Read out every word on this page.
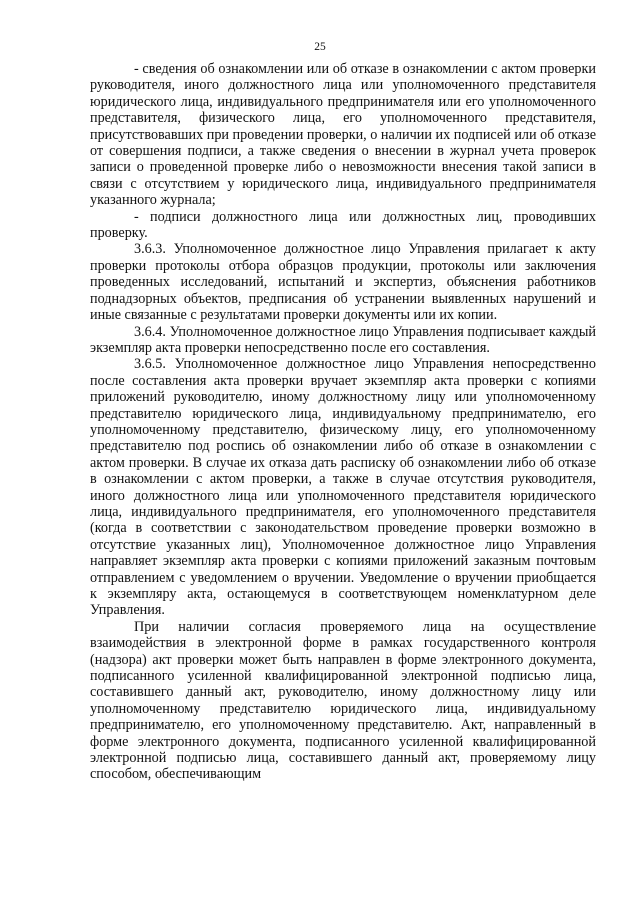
25

- сведения об ознакомлении или об отказе в ознакомлении с актом проверки руководителя, иного должностного лица или уполномоченного представителя юридического лица, индивидуального предпринимателя или его уполномоченного представителя, физического лица, его уполномоченного представителя, присутствовавших при проведении проверки, о наличии их подписей или об отказе от совершения подписи, а также сведения о внесении в журнал учета проверок записи о проведенной проверке либо о невозможности внесения такой записи в связи с отсутствием у юридического лица, индивидуального предпринимателя указанного журнала;

- подписи должностного лица или должностных лиц, проводивших проверку.

3.6.3. Уполномоченное должностное лицо Управления прилагает к акту проверки протоколы отбора образцов продукции, протоколы или заключения проведенных исследований, испытаний и экспертиз, объяснения работников поднадзорных объектов, предписания об устранении выявленных нарушений и иные связанные с результатами проверки документы или их копии.

3.6.4. Уполномоченное должностное лицо Управления подписывает каждый экземпляр акта проверки непосредственно после его составления.

3.6.5. Уполномоченное должностное лицо Управления непосредственно после составления акта проверки вручает экземпляр акта проверки с копиями приложений руководителю, иному должностному лицу или уполномоченному представителю юридического лица, индивидуальному предпринимателю, его уполномоченному представителю, физическому лицу, его уполномоченному представителю под роспись об ознакомлении либо об отказе в ознакомлении с актом проверки. В случае их отказа дать расписку об ознакомлении либо об отказе в ознакомлении с актом проверки, а также в случае отсутствия руководителя, иного должностного лица или уполномоченного представителя юридического лица, индивидуального предпринимателя, его уполномоченного представителя (когда в соответствии с законодательством проведение проверки возможно в отсутствие указанных лиц), Уполномоченное должностное лицо Управления направляет экземпляр акта проверки с копиями приложений заказным почтовым отправлением с уведомлением о вручении. Уведомление о вручении приобщается к экземпляру акта, остающемуся в соответствующем номенклатурном деле Управления.

При наличии согласия проверяемого лица на осуществление взаимодействия в электронной форме в рамках государственного контроля (надзора) акт проверки может быть направлен в форме электронного документа, подписанного усиленной квалифицированной электронной подписью лица, составившего данный акт, руководителю, иному должностному лицу или уполномоченному представителю юридического лица, индивидуальному предпринимателю, его уполномоченному представителю. Акт, направленный в форме электронного документа, подписанного усиленной квалифицированной электронной подписью лица, составившего данный акт, проверяемому лицу способом, обеспечивающим
